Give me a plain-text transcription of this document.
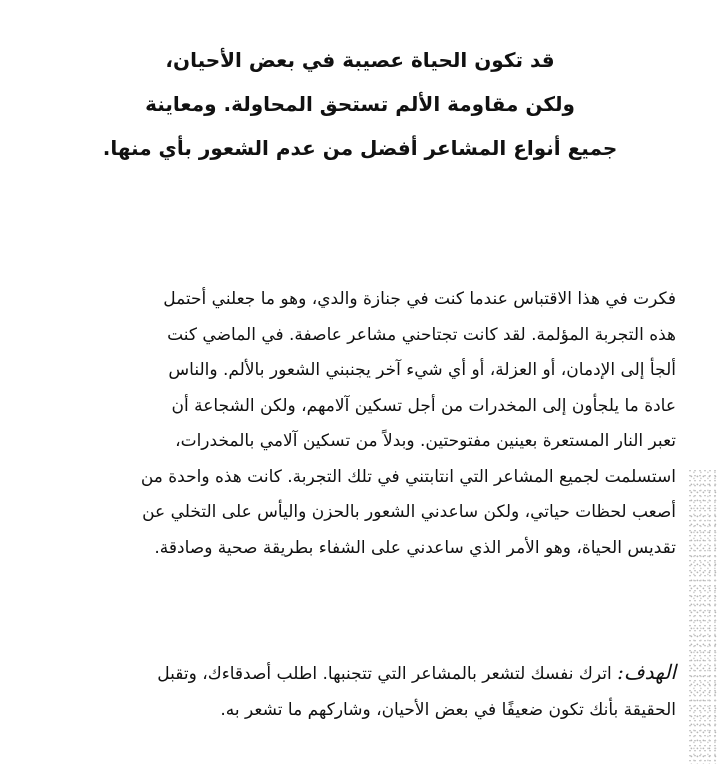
قد تكون الحياة عصيبة في بعض الأحيان،
ولكن مقاومة الألم تستحق المحاولة. ومعاينة
جميع أنواع المشاعر أفضل من عدم الشعور بأي منها.
فكرت في هذا الاقتباس عندما كنت في جنازة والدي، وهو ما جعلني أحتمل
هذه التجربة المؤلمة. لقد كانت تجتاحني مشاعر عاصفة. في الماضي كنت
ألجأ إلى الإدمان، أو العزلة، أو أي شيء آخر يجنبني الشعور بالألم. والناس
عادة ما يلجأون إلى المخدرات من أجل تسكين آلامهم، ولكن الشجاعة أن
تعبر النار المستعرة بعينين مفتوحتين. وبدلاً من تسكين آلامي بالمخدرات،
استسلمت لجميع المشاعر التي انتابتني في تلك التجربة. كانت هذه واحدة من
أصعب لحظات حياتي، ولكن ساعدني الشعور بالحزن واليأس على التخلي عن
تقديس الحياة، وهو الأمر الذي ساعدني على الشفاء بطريقة صحية وصادقة.
الهدف: اترك نفسك لتشعر بالمشاعر التي تتجنبها. اطلب أصدقاءك، وتقبل
الحقيقة بأنك تكون ضعيفًا في بعض الأحيان، وشاركهم ما تشعر به.
